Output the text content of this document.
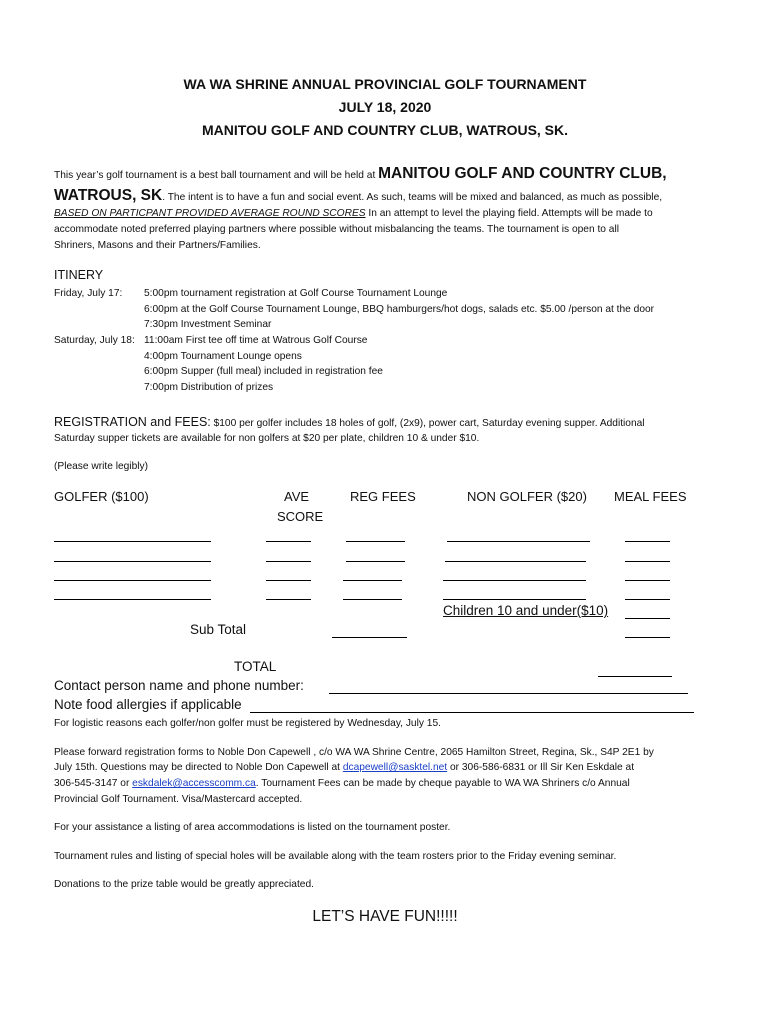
WA WA SHRINE ANNUAL PROVINCIAL GOLF TOURNAMENT
JULY 18, 2020
MANITOU GOLF AND COUNTRY CLUB, WATROUS, SK.
This year’s golf tournament is a best ball tournament and will be held at MANITOU GOLF AND COUNTRY CLUB,
WATROUS, SK. The intent is to have a fun and social event. As such, teams will be mixed and balanced, as much as possible,
BASED ON PARTICPANT PROVIDED AVERAGE ROUND SCORES In an attempt to level the playing field. Attempts will be made to
accommodate noted preferred playing partners where possible without misbalancing the teams. The tournament is open to all
Shriners, Masons and their Partners/Families.
ITINERY
Friday, July 17: 5:00pm tournament registration at Golf Course Tournament Lounge
6:00pm at the Golf Course Tournament Lounge, BBQ hamburgers/hot dogs, salads etc. $5.00 /person at the door
7:30pm Investment Seminar
Saturday, July 18: 11:00am First tee off time at Watrous Golf Course
4:00pm Tournament Lounge opens
6:00pm Supper (full meal) included in registration fee
7:00pm Distribution of prizes
REGISTRATION and FEES: $100 per golfer includes 18 holes of golf, (2x9), power cart, Saturday evening supper. Additional
Saturday supper tickets are available for non golfers at $20 per plate, children 10 & under $10.
(Please write legibly)
GOLFER ($100)	AVE
SCORE
REG FEES	NON GOLFER ($20) MEAL FEES
Children 10 and under($10)
Sub Total
TOTAL
Contact person name and phone number:
Note food allergies if applicable
For logistic reasons each golfer/non golfer must be registered by Wednesday, July 15.
Please forward registration forms to Noble Don Capewell , c/o WA WA Shrine Centre, 2065 Hamilton Street, Regina, Sk., S4P 2E1 by
July 15th. Questions may be directed to Noble Don Capewell at dcapewell@sasktel.net or 306-586-6831 or Ill Sir Ken Eskdale at
306-545-3147 or eskdalek@accesscomm.ca. Tournament Fees can be made by cheque payable to WA WA Shriners c/o Annual
Provincial Golf Tournament. Visa/Mastercard accepted.
For your assistance a listing of area accommodations is listed on the tournament poster.
Tournament rules and listing of special holes will be available along with the team rosters prior to the Friday evening seminar.
Donations to the prize table would be greatly appreciated.
LET’S HAVE FUN!!!!!
